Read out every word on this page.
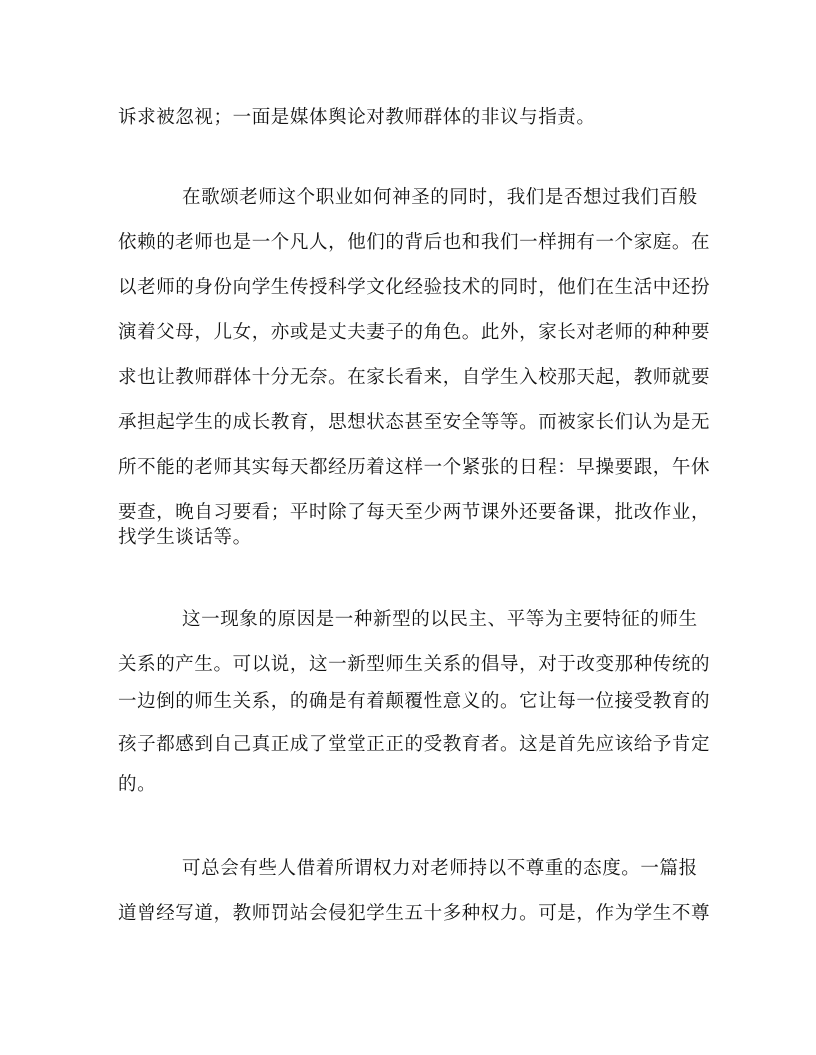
诉求被忽视；一面是媒体舆论对教师群体的非议与指责。
在歌颂老师这个职业如何神圣的同时，我们是否想过我们百般
依赖的老师也是一个凡人，他们的背后也和我们一样拥有一个家庭。在
以老师的身份向学生传授科学文化经验技术的同时，他们在生活中还扮
演着父母，儿女，亦或是丈夫妻子的角色。此外，家长对老师的种种要
求也让教师群体十分无奈。在家长看来，自学生入校那天起，教师就要
承担起学生的成长教育，思想状态甚至安全等等。而被家长们认为是无
所不能的老师其实每天都经历着这样一个紧张的日程：早操要跟，午休
要查，晚自习要看；平时除了每天至少两节课外还要备课，批改作业，
找学生谈话等。
这一现象的原因是一种新型的以民主、平等为主要特征的师生
关系的产生。可以说，这一新型师生关系的倡导，对于改变那种传统的
一边倒的师生关系，的确是有着颠覆性意义的。它让每一位接受教育的
孩子都感到自己真正成了堂堂正正的受教育者。这是首先应该给予肯定
的。
可总会有些人借着所谓权力对老师持以不尊重的态度。一篇报
道曾经写道，教师罚站会侵犯学生五十多种权力。可是，作为学生不尊
